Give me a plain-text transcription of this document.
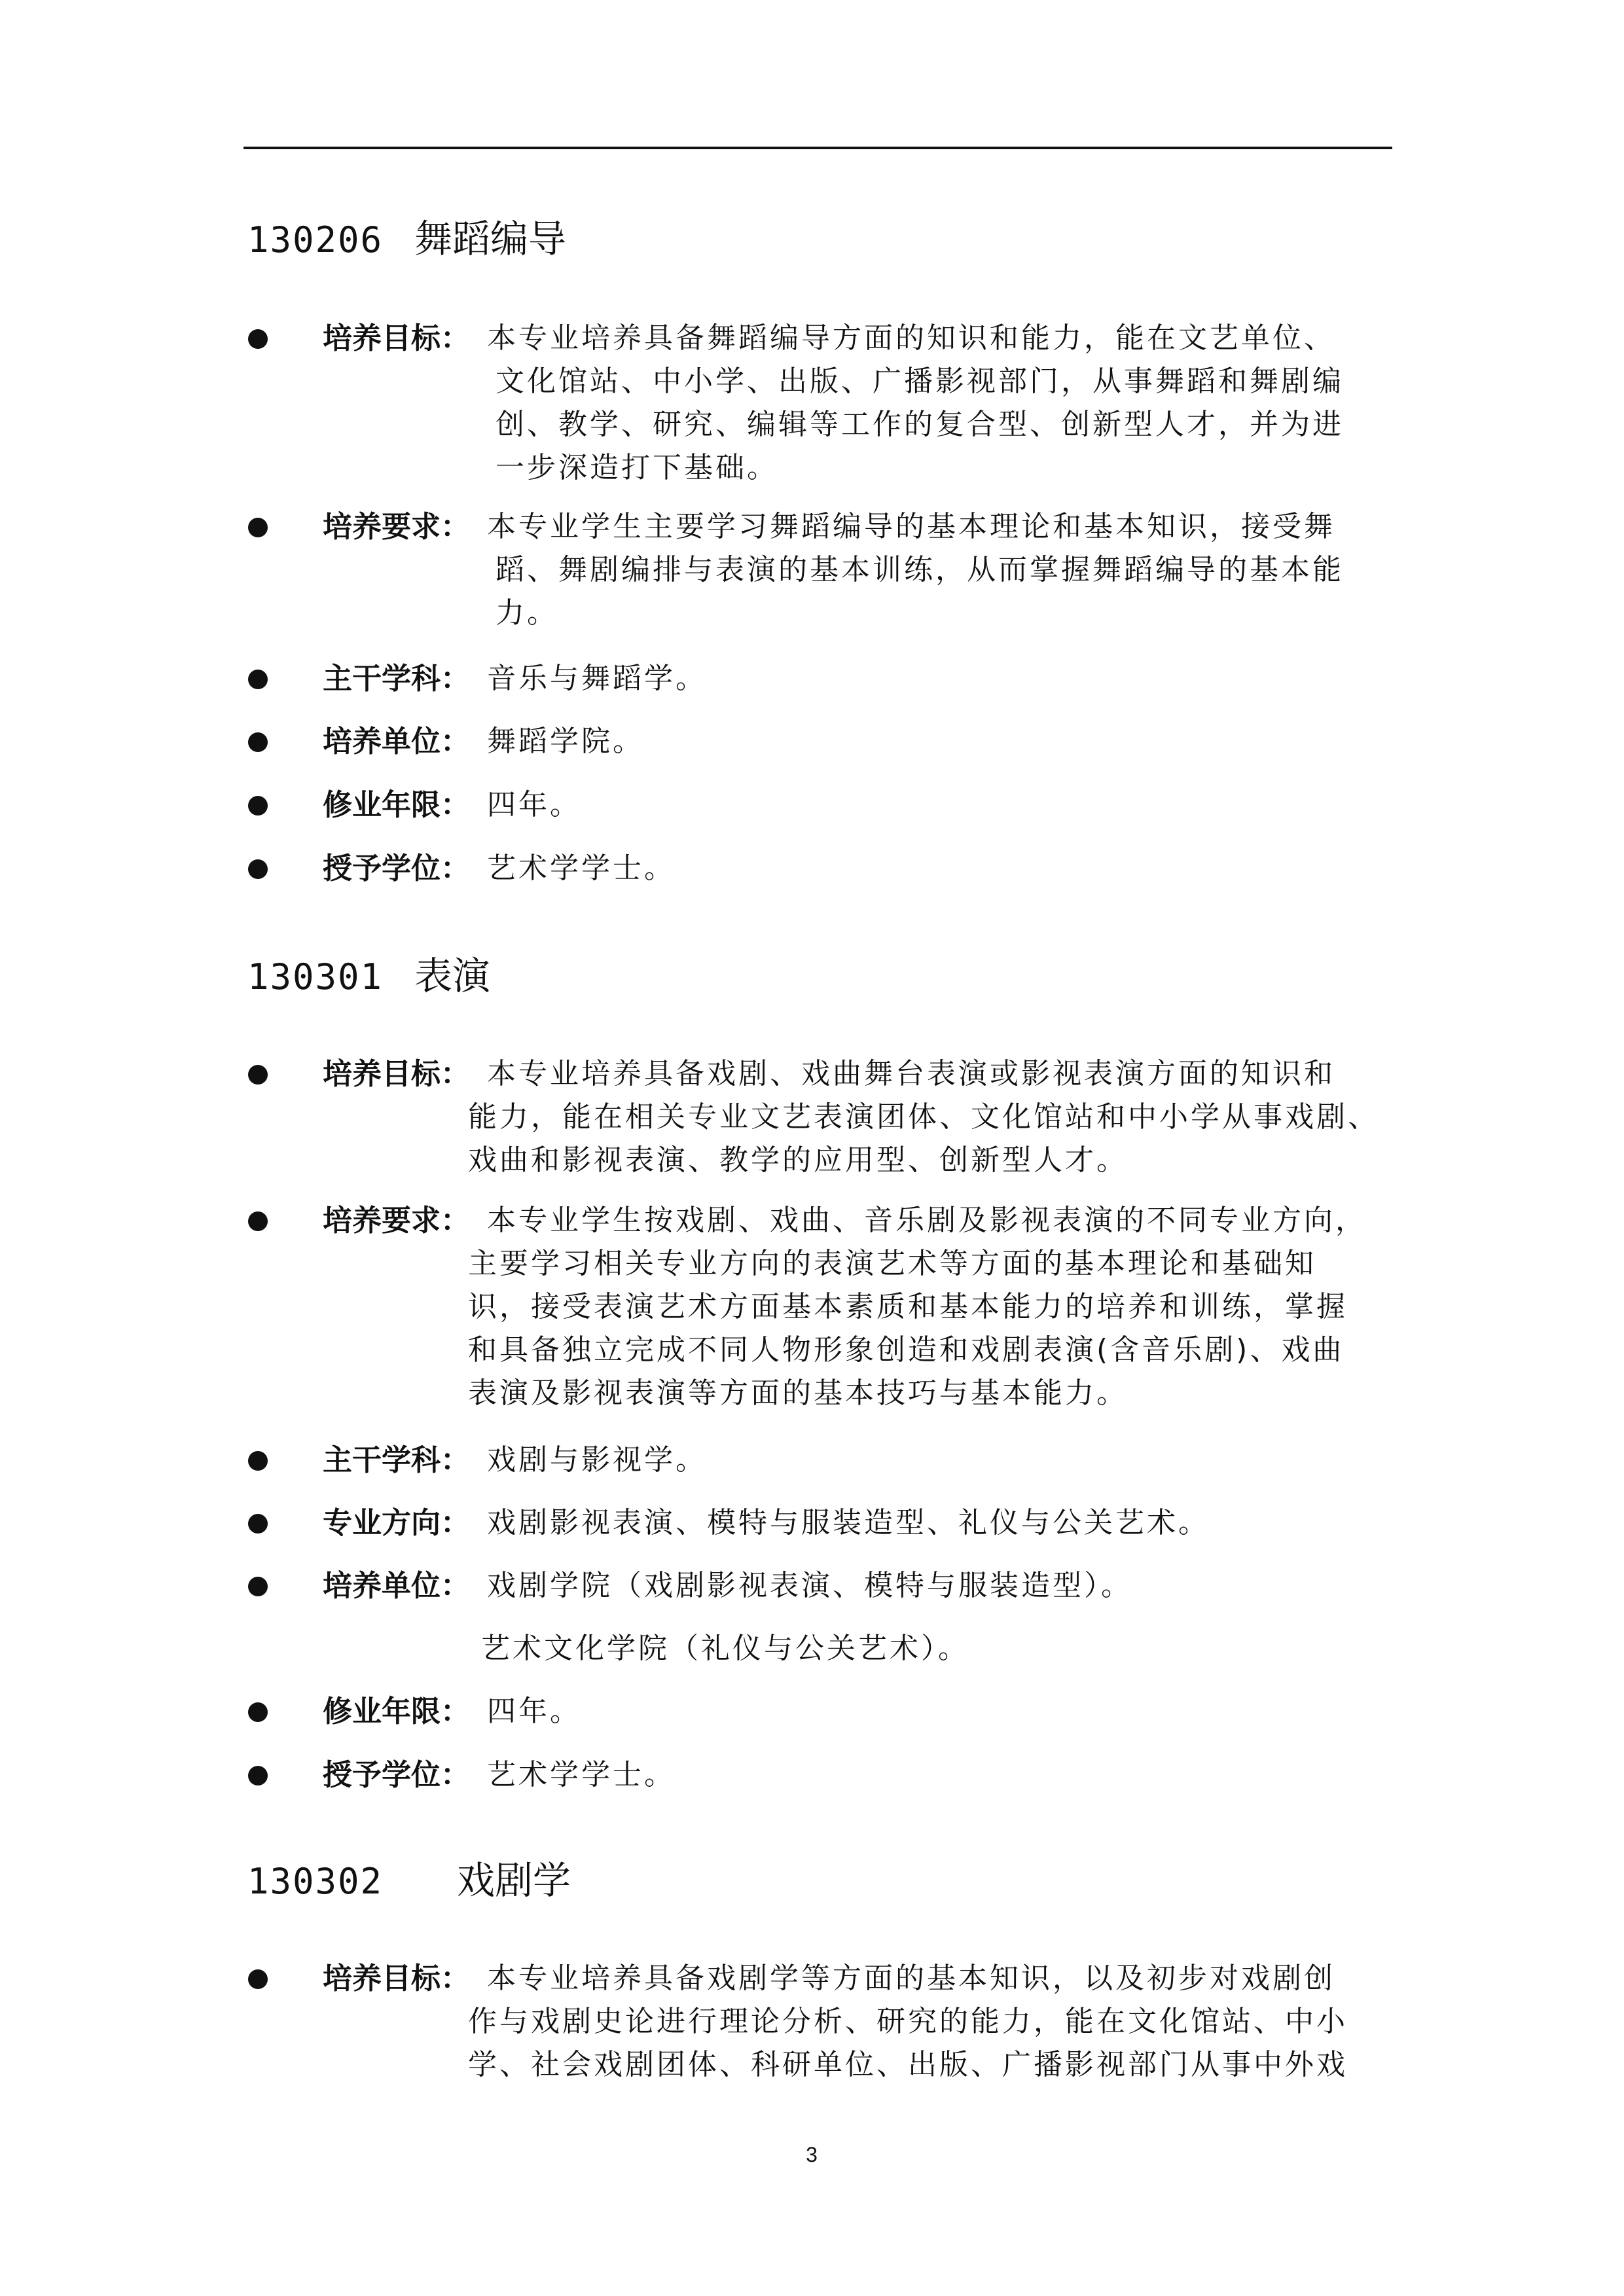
130206 舞蹈编导
培养目标： 本专业培养具备舞蹈编导方面的知识和能力，能在文艺单位、
文化馆站、中小学、出版、广播影视部门，从事舞蹈和舞剧编
创、教学、研究、编辑等工作的复合型、创新型人才，并为进
一步深造打下基础。
培养要求： 本专业学生主要学习舞蹈编导的基本理论和基本知识，接受舞
蹈、舞剧编排与表演的基本训练，从而掌握舞蹈编导的基本能
力。
主干学科： 音乐与舞蹈学。
培养单位： 舞蹈学院。
修业年限： 四年。
授予学位： 艺术学学士。
130301 表演
培养目标： 本专业培养具备戏剧、戏曲舞台表演或影视表演方面的知识和
能力，能在相关专业文艺表演团体、文化馆站和中小学从事戏剧、
戏曲和影视表演、教学的应用型、创新型人才。
培养要求： 本专业学生按戏剧、戏曲、音乐剧及影视表演的不同专业方向，
主要学习相关专业方向的表演艺术等方面的基本理论和基础知
识，接受表演艺术方面基本素质和基本能力的培养和训练，掌握
和具备独立完成不同人物形象创造和戏剧表演(含音乐剧)、戏曲
表演及影视表演等方面的基本技巧与基本能力。
主干学科： 戏剧与影视学。
专业方向： 戏剧影视表演、模特与服装造型、礼仪与公关艺术。
培养单位： 戏剧学院（戏剧影视表演、模特与服装造型）。
艺术文化学院（礼仪与公关艺术）。
修业年限： 四年。
授予学位： 艺术学学士。
130302 戏剧学
培养目标： 本专业培养具备戏剧学等方面的基本知识，以及初步对戏剧创
作与戏剧史论进行理论分析、研究的能力，能在文化馆站、中小
学、社会戏剧团体、科研单位、出版、广播影视部门从事中外戏
3
